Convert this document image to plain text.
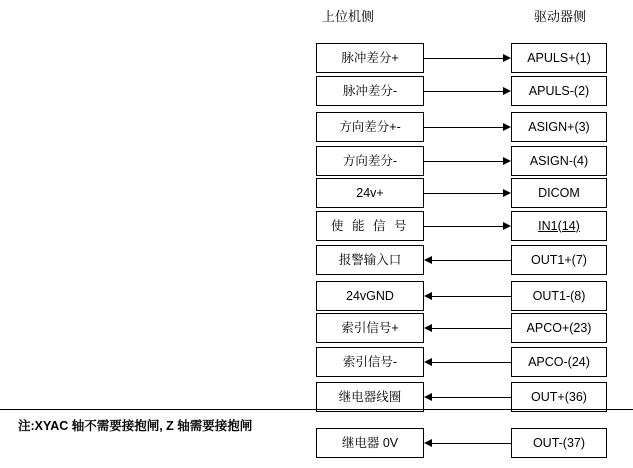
上位机侧	驱动器侧
脉冲差分+	APULS+(1)
脉冲差分-	APULS-(2)
方向差分+-	ASIGN+(3)
方向差分-	ASIGN-(4)
24v+	DICOM
使 能 信 号	IN1(14)
报警输入口	OUT1+(7)
24vGND	OUT1-(8)
索引信号+	APCO+(23)
索引信号-	APCO-(24)
继电器线圈	OUT+(36)
继电器 0V	OUT-(37)
注:XYAC 轴不需要接抱闸, Z 轴需要接抱闸
